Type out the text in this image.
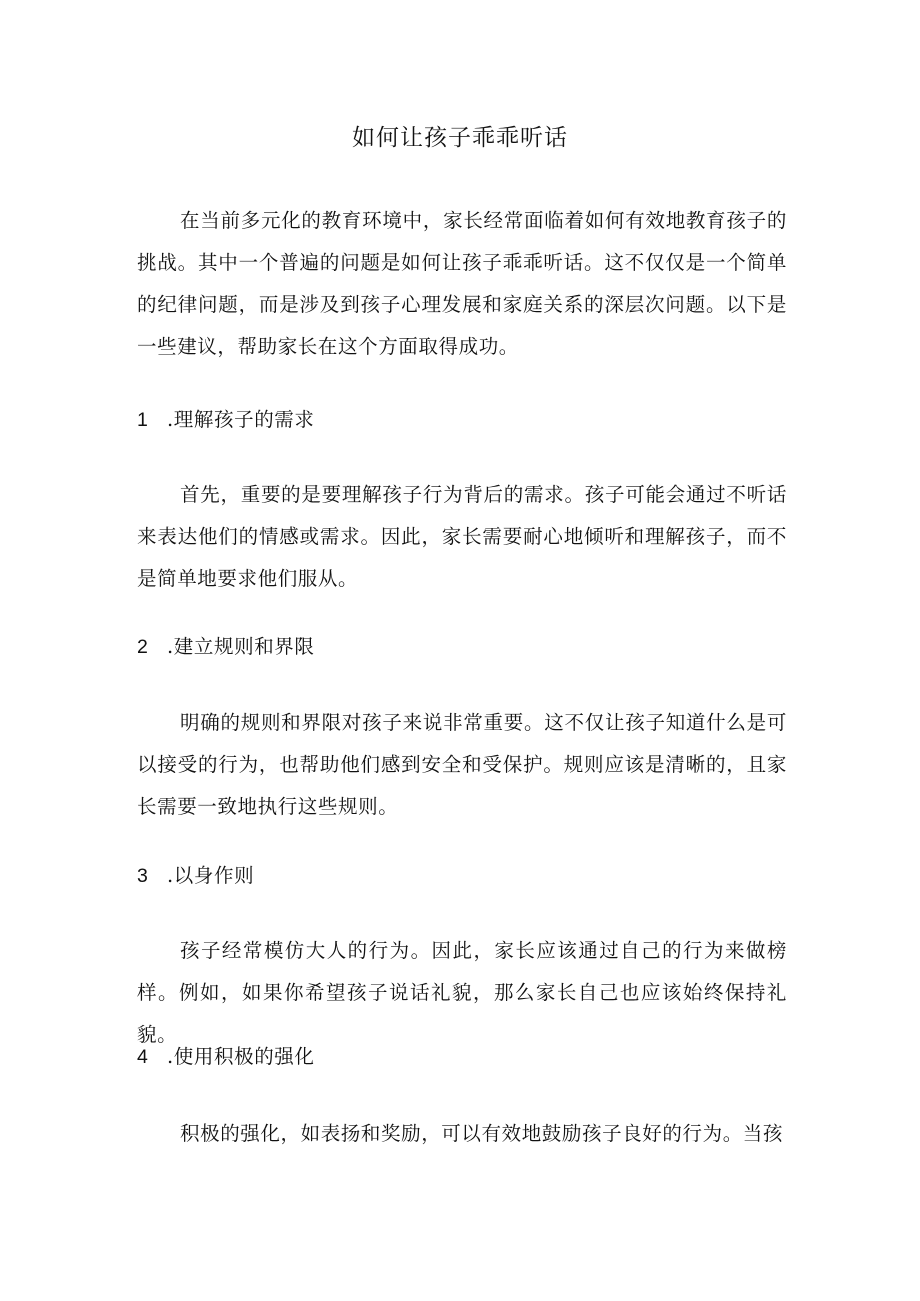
如何让孩子乖乖听话
在当前多元化的教育环境中，家长经常面临着如何有效地教育孩子的挑战。其中一个普遍的问题是如何让孩子乖乖听话。这不仅仅是一个简单的纪律问题，而是涉及到孩子心理发展和家庭关系的深层次问题。以下是一些建议，帮助家长在这个方面取得成功。
1 .理解孩子的需求
首先，重要的是要理解孩子行为背后的需求。孩子可能会通过不听话来表达他们的情感或需求。因此，家长需要耐心地倾听和理解孩子，而不是简单地要求他们服从。
2 .建立规则和界限
明确的规则和界限对孩子来说非常重要。这不仅让孩子知道什么是可以接受的行为，也帮助他们感到安全和受保护。规则应该是清晰的，且家长需要一致地执行这些规则。
3 .以身作则
孩子经常模仿大人的行为。因此，家长应该通过自己的行为来做榜样。例如，如果你希望孩子说话礼貌，那么家长自己也应该始终保持礼貌。
4 .使用积极的强化
积极的强化，如表扬和奖励，可以有效地鼓励孩子良好的行为。当孩
